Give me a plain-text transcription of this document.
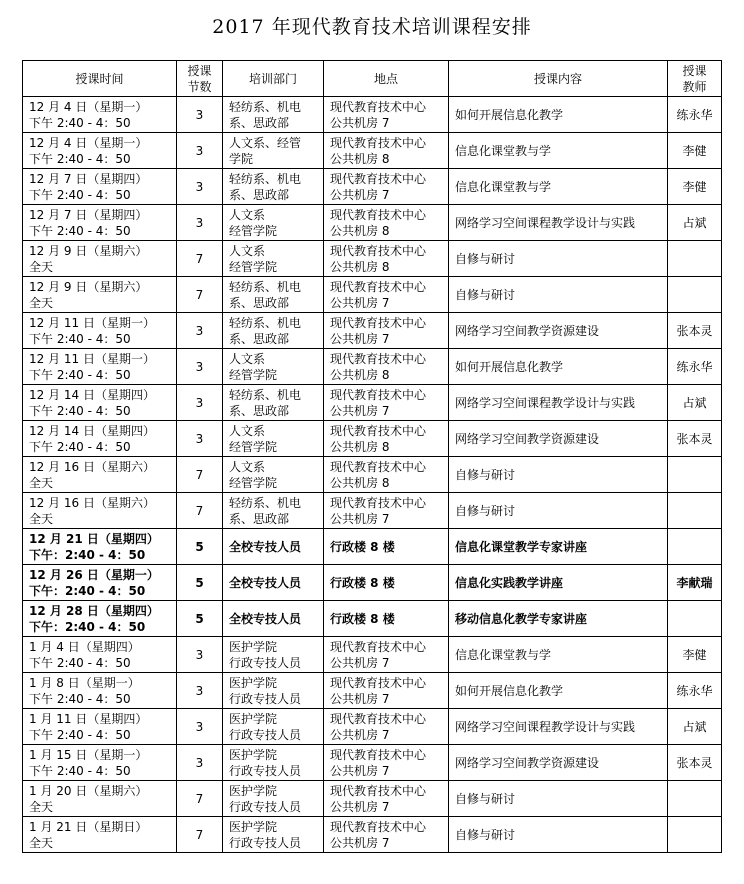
2017 年现代教育技术培训课程安排
授课时间	授课
节数	培训部门	地点	授课内容	授课
教师

12 月 4 日（星期一）
下午 2:40 - 4：50	3	轻纺系、机电
系、思政部	现代教育技术中心
公共机房 7	如何开展信息化教学	练永华

12 月 4 日（星期一）
下午 2:40 - 4：50	3	人文系、经管
学院	现代教育技术中心
公共机房 8	信息化课堂教与学	李健

12 月 7 日（星期四）
下午 2:40 - 4：50	3	轻纺系、机电
系、思政部	现代教育技术中心
公共机房 7	信息化课堂教与学	李健

12 月 7 日（星期四）
下午 2:40 - 4：50	3	人文系
经管学院	现代教育技术中心
公共机房 8	网络学习空间课程教学设计与实践	占斌

12 月 9 日（星期六）
全天	7	人文系
经管学院	现代教育技术中心
公共机房 8	自修与研讨	

12 月 9 日（星期六）
全天	7	轻纺系、机电
系、思政部	现代教育技术中心
公共机房 7	自修与研讨	

12 月 11 日（星期一）
下午 2:40 - 4：50	3	轻纺系、机电
系、思政部	现代教育技术中心
公共机房 7	网络学习空间教学资源建设	张本灵

12 月 11 日（星期一）
下午 2:40 - 4：50	3	人文系
经管学院	现代教育技术中心
公共机房 8	如何开展信息化教学	练永华

12 月 14 日（星期四）
下午 2:40 - 4：50	3	轻纺系、机电
系、思政部	现代教育技术中心
公共机房 7	网络学习空间课程教学设计与实践	占斌

12 月 14 日（星期四）
下午 2:40 - 4：50	3	人文系
经管学院	现代教育技术中心
公共机房 8	网络学习空间教学资源建设	张本灵

12 月 16 日（星期六）
全天	7	人文系
经管学院	现代教育技术中心
公共机房 8	自修与研讨	

12 月 16 日（星期六）
全天	7	轻纺系、机电
系、思政部	现代教育技术中心
公共机房 7	自修与研讨	

12 月 21 日（星期四）
下午：2:40 - 4：50	5	全校专技人员	行政楼 8 楼	信息化课堂教学专家讲座	

12 月 26 日（星期一）
下午：2:40 - 4：50	5	全校专技人员	行政楼 8 楼	信息化实践教学讲座	李献瑞

12 月 28 日（星期四）
下午：2:40 - 4：50	5	全校专技人员	行政楼 8 楼	移动信息化教学专家讲座	

1 月 4 日（星期四）
下午 2:40 - 4：50	3	医护学院
行政专技人员	现代教育技术中心
公共机房 7	信息化课堂教与学	李健

1 月 8 日（星期一）
下午 2:40 - 4：50	3	医护学院
行政专技人员	现代教育技术中心
公共机房 7	如何开展信息化教学	练永华

1 月 11 日（星期四）
下午 2:40 - 4：50	3	医护学院
行政专技人员	现代教育技术中心
公共机房 7	网络学习空间课程教学设计与实践	占斌

1 月 15 日（星期一）
下午 2:40 - 4：50	3	医护学院
行政专技人员	现代教育技术中心
公共机房 7	网络学习空间教学资源建设	张本灵

1 月 20 日（星期六）
全天	7	医护学院
行政专技人员	现代教育技术中心
公共机房 7	自修与研讨	

1 月 21 日（星期日）
全天	7	医护学院
行政专技人员	现代教育技术中心
公共机房 7	自修与研讨	
